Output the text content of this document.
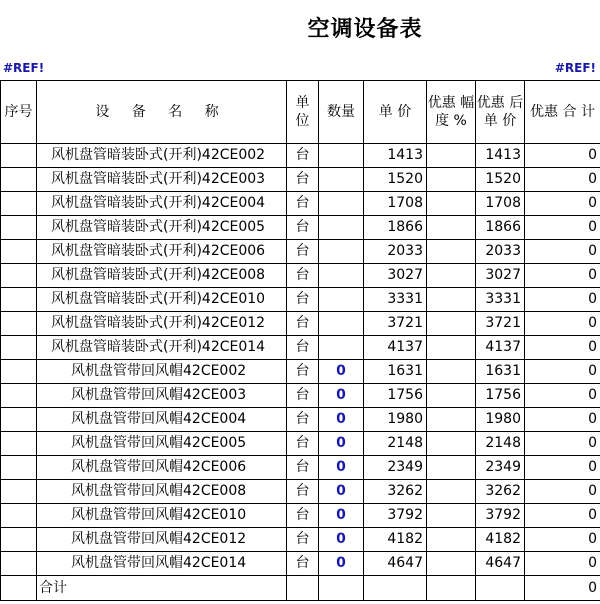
空调设备表
#REF!	#REF!
序号	设 备 名 称	单 位	数量	单 价	优惠 幅度 %	优惠 后单 价	优惠 合 计
	风机盘管暗装卧式(开利)42CE002	台		1413		1413	0
	风机盘管暗装卧式(开利)42CE003	台		1520		1520	0
	风机盘管暗装卧式(开利)42CE004	台		1708		1708	0
	风机盘管暗装卧式(开利)42CE005	台		1866		1866	0
	风机盘管暗装卧式(开利)42CE006	台		2033		2033	0
	风机盘管暗装卧式(开利)42CE008	台		3027		3027	0
	风机盘管暗装卧式(开利)42CE010	台		3331		3331	0
	风机盘管暗装卧式(开利)42CE012	台		3721		3721	0
	风机盘管暗装卧式(开利)42CE014	台		4137		4137	0
	风机盘管带回风帽42CE002	台	0	1631		1631	0
	风机盘管带回风帽42CE003	台	0	1756		1756	0
	风机盘管带回风帽42CE004	台	0	1980		1980	0
	风机盘管带回风帽42CE005	台	0	2148		2148	0
	风机盘管带回风帽42CE006	台	0	2349		2349	0
	风机盘管带回风帽42CE008	台	0	3262		3262	0
	风机盘管带回风帽42CE010	台	0	3792		3792	0
	风机盘管带回风帽42CE012	台	0	4182		4182	0
	风机盘管带回风帽42CE014	台	0	4647		4647	0
	合计						0
